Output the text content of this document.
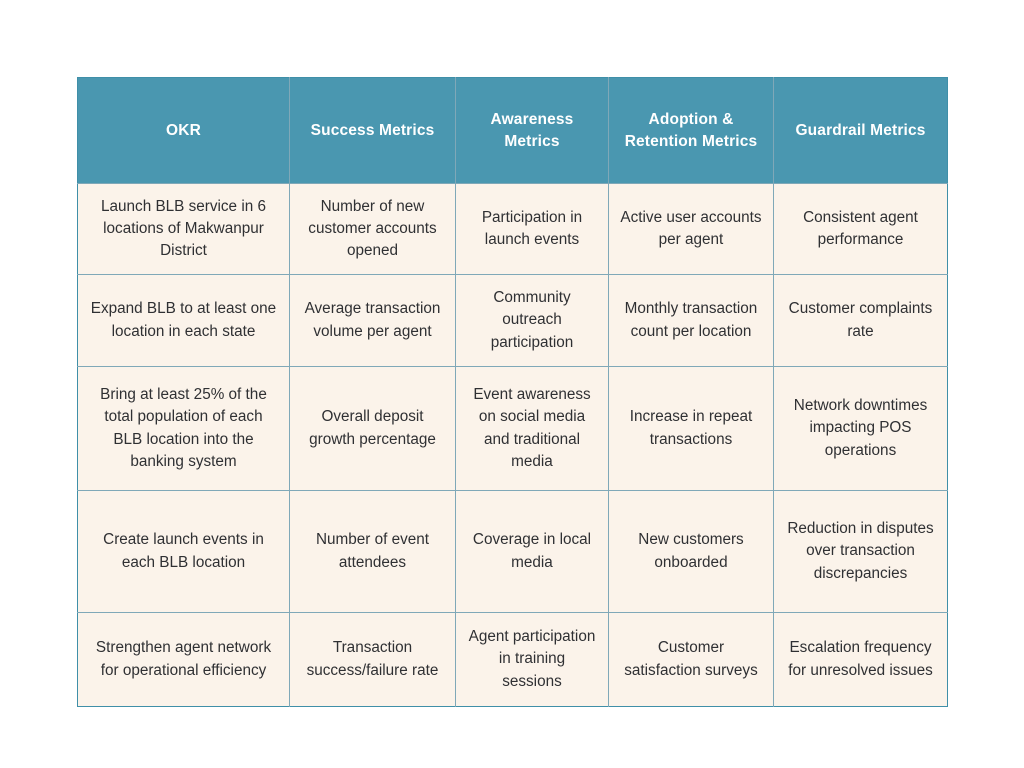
OKR	Success Metrics	Awareness Metrics	Adoption & Retention Metrics	Guardrail Metrics
Launch BLB service in 6 locations of Makwanpur District	Number of new customer accounts opened	Participation in launch events	Active user accounts per agent	Consistent agent performance
Expand BLB to at least one location in each state	Average transaction volume per agent	Community outreach participation	Monthly transaction count per location	Customer complaints rate
Bring at least 25% of the total population of each BLB location into the banking system	Overall deposit growth percentage	Event awareness on social media and traditional media	Increase in repeat transactions	Network downtimes impacting POS operations
Create launch events in each BLB location	Number of event attendees	Coverage in local media	New customers onboarded	Reduction in disputes over transaction discrepancies
Strengthen agent network for operational efficiency	Transaction success/failure rate	Agent participation in training sessions	Customer satisfaction surveys	Escalation frequency for unresolved issues
